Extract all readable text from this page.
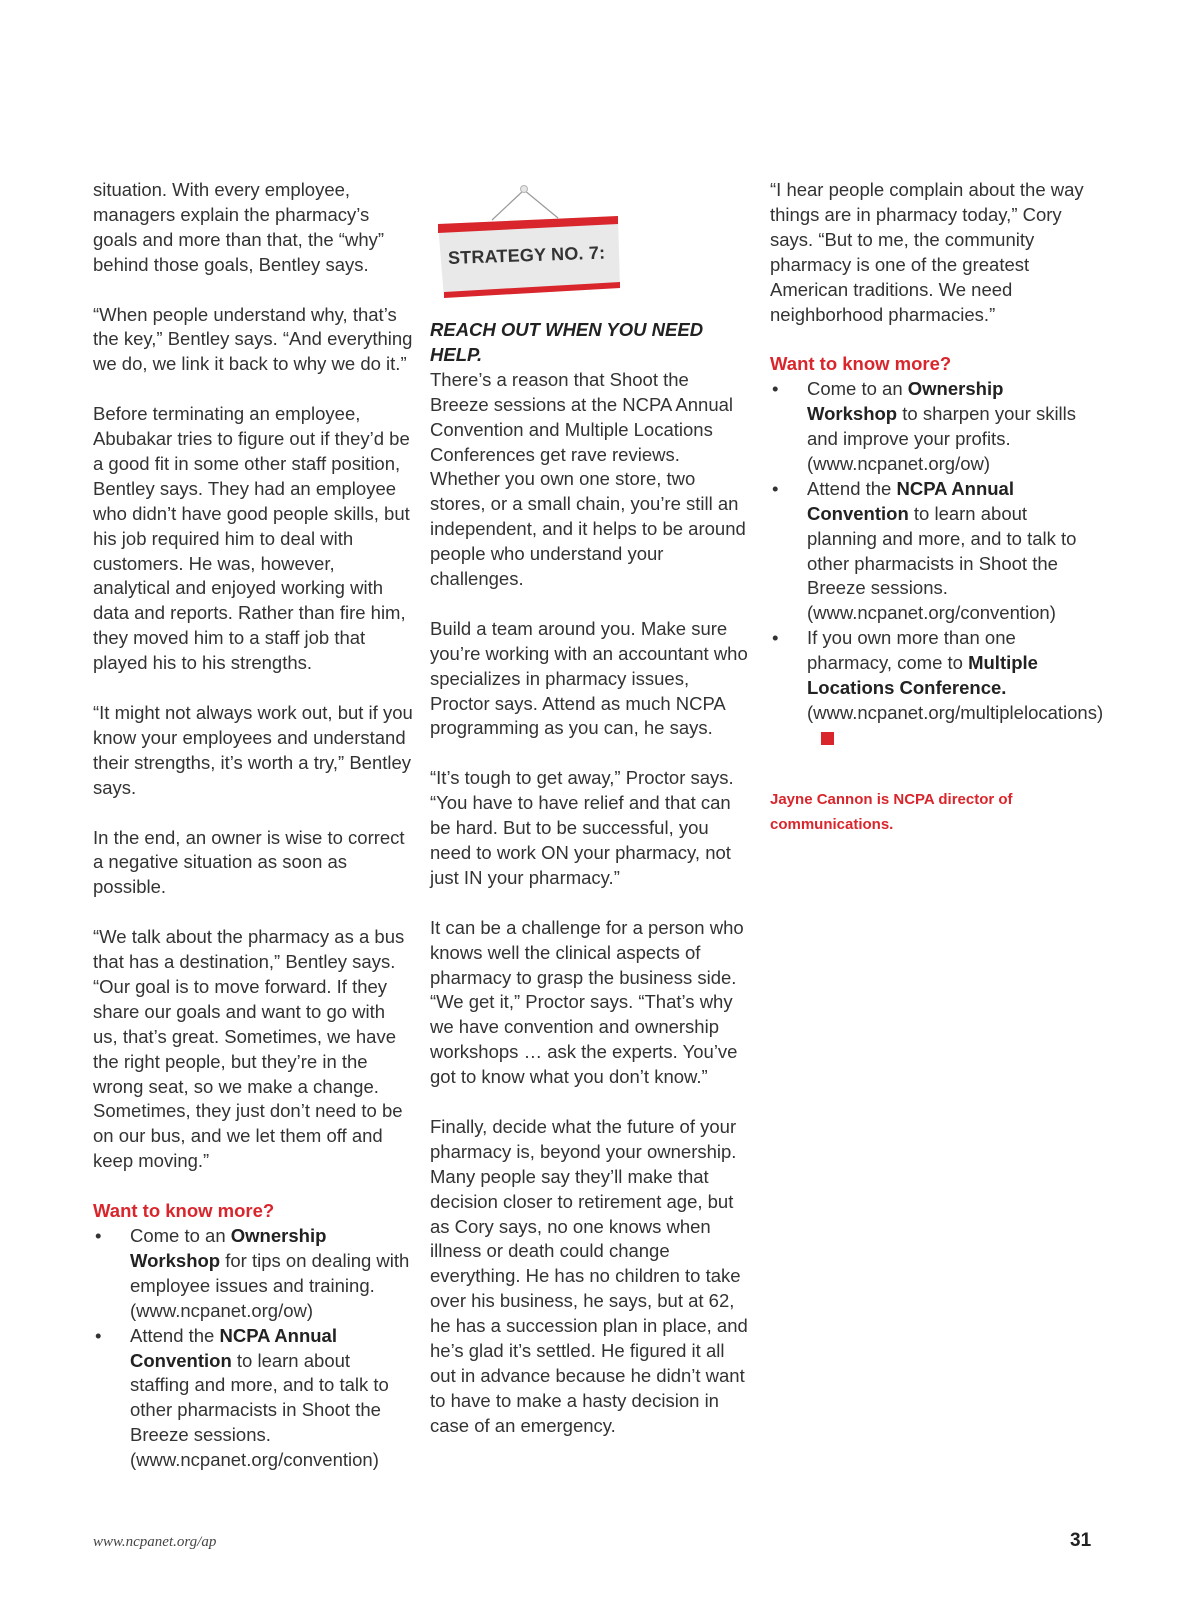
situation. With every employee, managers explain the pharmacy’s goals and more than that, the “why” behind those goals, Bentley says.

“When people understand why, that’s the key,” Bentley says. “And everything we do, we link it back to why we do it.”

Before terminating an employee, Abubakar tries to figure out if they’d be a good fit in some other staff position, Bentley says. They had an employee who didn’t have good people skills, but his job required him to deal with customers. He was, however, analytical and enjoyed working with data and reports. Rather than fire him, they moved him to a staff job that played his to his strengths.

“It might not always work out, but if you know your employees and understand their strengths, it’s worth a try,” Bentley says.

In the end, an owner is wise to correct a negative situation as soon as possible.

“We talk about the pharmacy as a bus that has a destination,” Bentley says. “Our goal is to move forward. If they share our goals and want to go with us, that’s great. Sometimes, we have the right people, but they’re in the wrong seat, so we make a change. Sometimes, they just don’t need to be on our bus, and we let them off and keep moving.”

Want to know more?
• Come to an Ownership Workshop for tips on dealing with employee issues and training. (www.ncpanet.org/ow)
• Attend the NCPA Annual Convention to learn about staffing and more, and to talk to other pharmacists in Shoot the Breeze sessions. (www.ncpanet.org/convention)
STRATEGY NO. 7:

REACH OUT WHEN YOU NEED HELP.

There’s a reason that Shoot the Breeze sessions at the NCPA Annual Convention and Multiple Locations Conferences get rave reviews. Whether you own one store, two stores, or a small chain, you’re still an independent, and it helps to be around people who understand your challenges.

Build a team around you. Make sure you’re working with an accountant who specializes in pharmacy issues, Proctor says. Attend as much NCPA programming as you can, he says.

“It’s tough to get away,” Proctor says. “You have to have relief and that can be hard. But to be successful, you need to work ON your pharmacy, not just IN your pharmacy.”

It can be a challenge for a person who knows well the clinical aspects of pharmacy to grasp the business side. “We get it,” Proctor says. “That’s why we have convention and ownership workshops … ask the experts. You’ve got to know what you don’t know.”

Finally, decide what the future of your pharmacy is, beyond your ownership. Many people say they’ll make that decision closer to retirement age, but as Cory says, no one knows when illness or death could change everything. He has no children to take over his business, he says, but at 62, he has a succession plan in place, and he’s glad it’s settled. He figured it all out in advance because he didn’t want to have to make a hasty decision in case of an emergency.

“I hear people complain about the way things are in pharmacy today,” Cory says. “But to me, the community pharmacy is one of the greatest American traditions. We need neighborhood pharmacies.”

Want to know more?
• Come to an Ownership Workshop to sharpen your skills and improve your profits. (www.ncpanet.org/ow)
• Attend the NCPA Annual Convention to learn about planning and more, and to talk to other pharmacists in Shoot the Breeze sessions. (www.ncpanet.org/convention)
• If you own more than one pharmacy, come to Multiple Locations Conference. (www.ncpanet.org/multiplelocations)
Jayne Cannon is NCPA director of communications.
www.ncpanet.org/ap	31
